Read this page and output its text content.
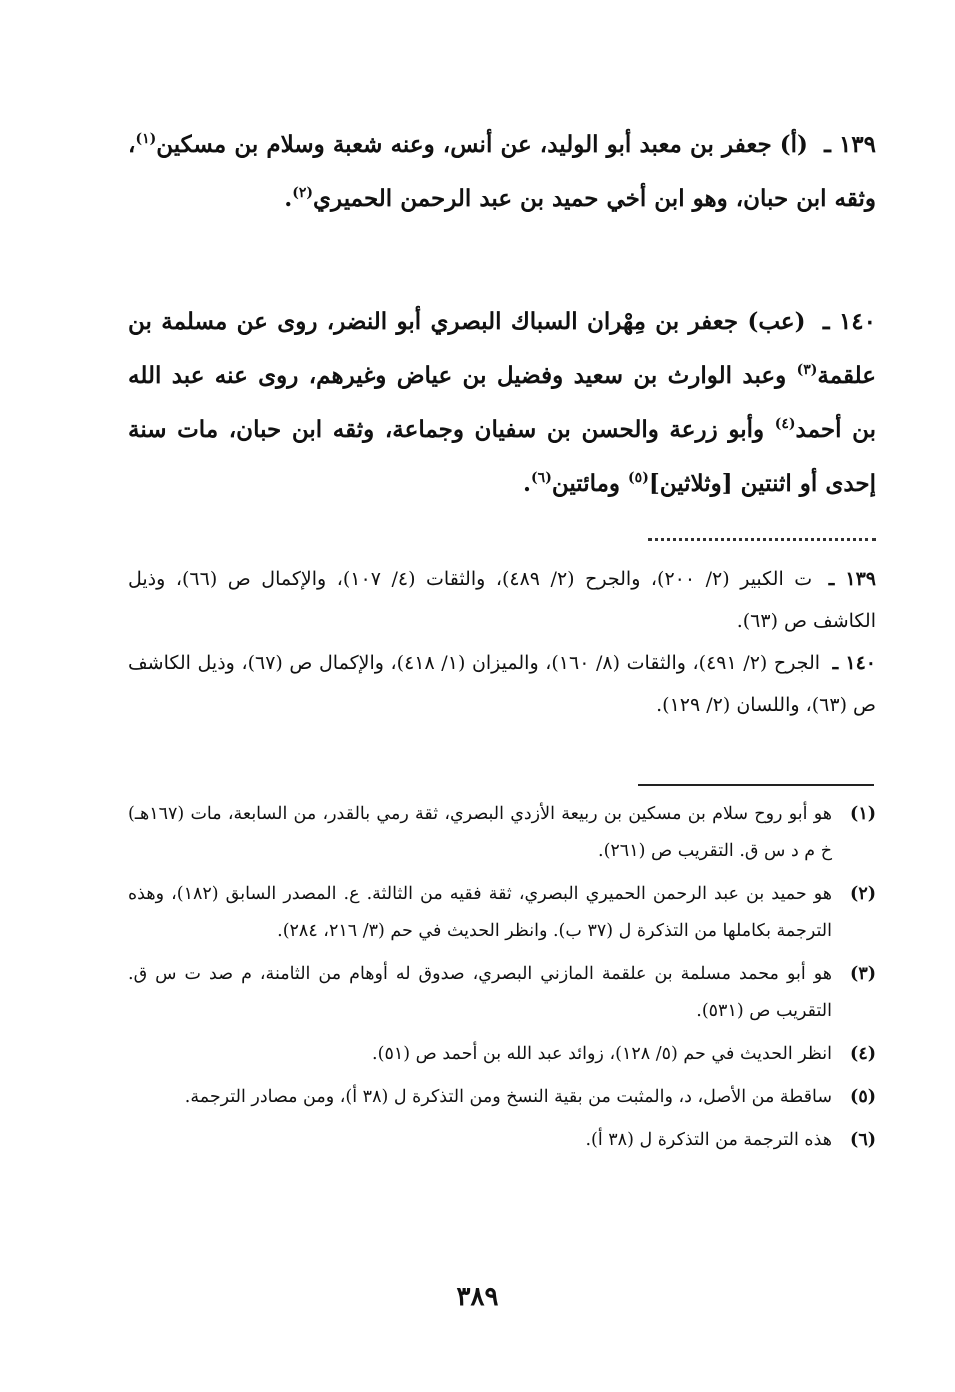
١٣٩ ـ (أ) جعفر بن معبد أبو الوليد، عن أنس، وعنه شعبة وسلام بن مسكين$^{(١)}$، وثقه ابن حبان، وهو ابن أخي حميد بن عبد الرحمن الحميري$^{(٢)}$.
١٤٠ ـ (عب) جعفر بن مِهْران السباك البصري أبو النضر، روى عن مسلمة بن علقمة$^{(٣)}$ وعبد الوارث بن سعيد وفضيل بن عياض وغيرهم، روى عنه عبد الله بن أحمد$^{(٤)}$ وأبو زرعة والحسن بن سفيان وجماعة، وثقه ابن حبان، مات سنة إحدى أو اثنتين [وثلاثين]$^{(٥)}$ ومائتين$^{(٦)}$.
١٣٩ ـ ت الكبير (٢/ ٢٠٠)، والجرح (٢/ ٤٨٩)، والثقات (٤/ ١٠٧)، والإكمال ص (٦٦)، وذيل الكاشف ص (٦٣).
١٤٠ ـ الجرح (٢/ ٤٩١)، والثقات (٨/ ١٦٠)، والميزان (١/ ٤١٨)، والإكمال ص (٦٧)، وذيل الكاشف ص (٦٣)، واللسان (٢/ ١٢٩).
(١)
هو أبو روح سلام بن مسكين بن ربيعة الأزدي البصري، ثقة رمي بالقدر، من السابعة، مات (١٦٧هـ) خ م د س ق. التقريب ص (٢٦١).
(٢)
هو حميد بن عبد الرحمن الحميري البصري، ثقة فقيه من الثالثة. ع. المصدر السابق (١٨٢)، وهذه الترجمة بكاملها من التذكرة ل (٣٧ ب). وانظر الحديث في حم (٣/ ٢١٦، ٢٨٤).
(٣)
هو أبو محمد مسلمة بن علقمة المازني البصري، صدوق له أوهام من الثامنة، م صد ت س ق. التقريب ص (٥٣١).
(٤)
انظر الحديث في حم (٥/ ١٢٨)، زوائد عبد الله بن أحمد ص (٥١).
(٥)
ساقطة من الأصل، د، والمثبت من بقية النسخ ومن التذكرة ل (٣٨ أ)، ومن مصادر الترجمة.
(٦)
هذه الترجمة من التذكرة ل (٣٨ أ).
٣٨٩
